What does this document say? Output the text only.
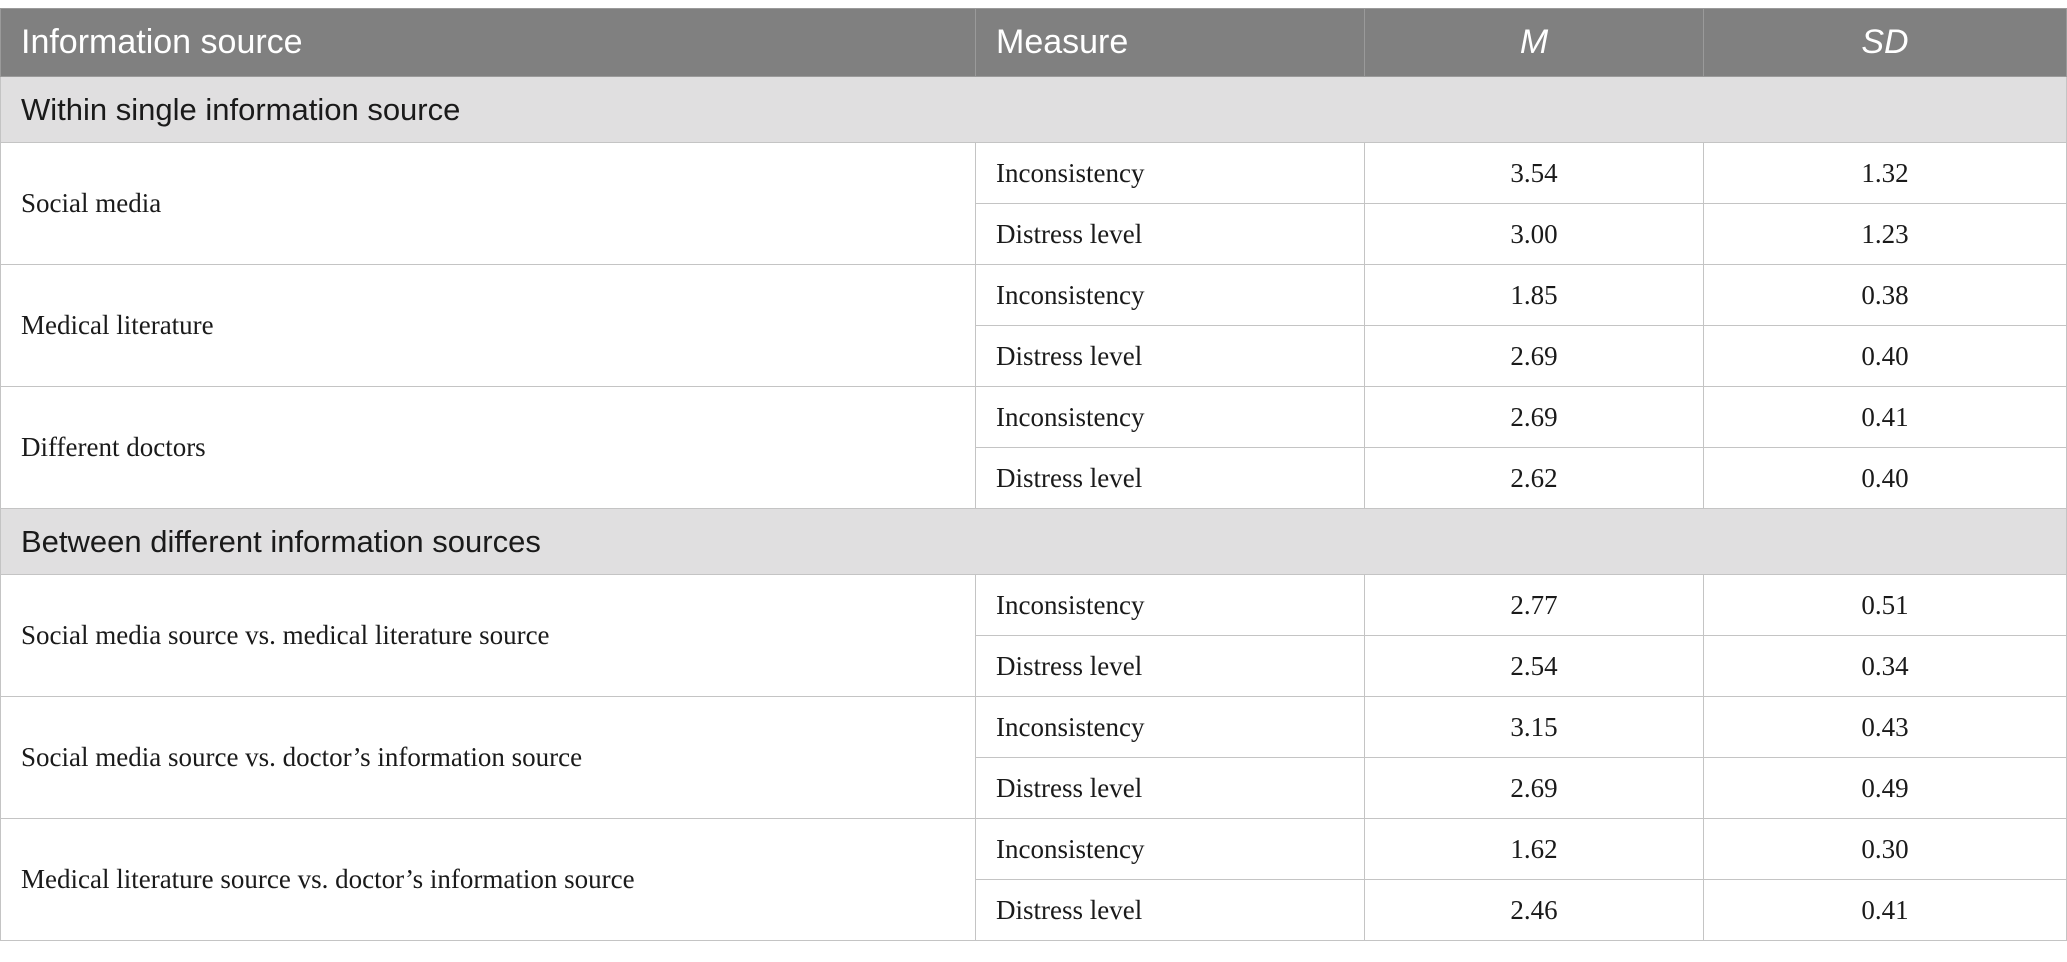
Information source	Measure	M	SD
Within single information source			
Social media	Inconsistency	3.54	1.32
	Distress level	3.00	1.23
Medical literature	Inconsistency	1.85	0.38
	Distress level	2.69	0.40
Different doctors	Inconsistency	2.69	0.41
	Distress level	2.62	0.40
Between different information sources			
Social media source vs. medical literature source	Inconsistency	2.77	0.51
	Distress level	2.54	0.34
Social media source vs. doctor’s information source	Inconsistency	3.15	0.43
	Distress level	2.69	0.49
Medical literature source vs. doctor’s information source	Inconsistency	1.62	0.30
	Distress level	2.46	0.41
